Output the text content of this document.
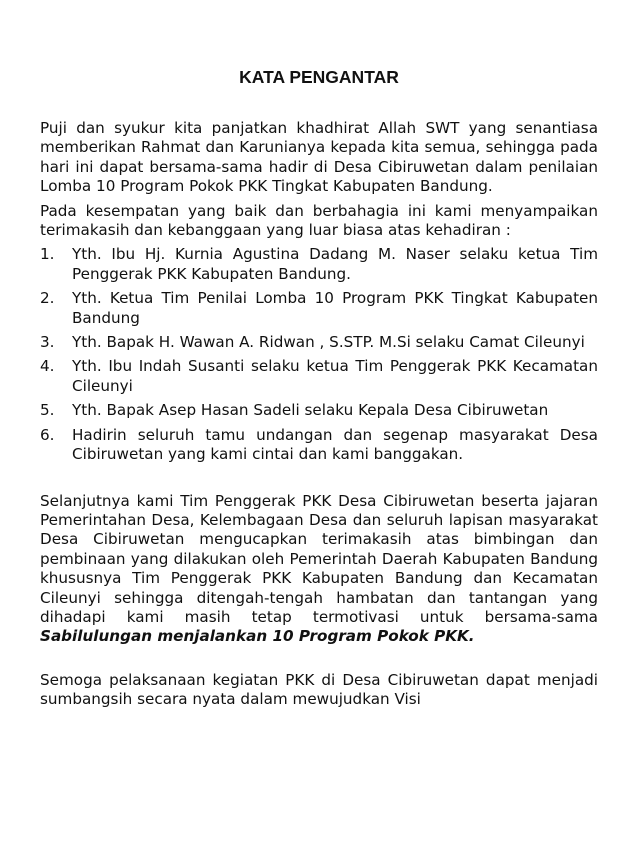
KATA PENGANTAR

Puji dan syukur kita panjatkan khadhirat Allah SWT yang senantiasa memberikan Rahmat dan Karunianya kepada kita semua, sehingga pada hari ini dapat bersama-sama hadir di Desa Cibiruwetan dalam penilaian Lomba 10 Program Pokok PKK Tingkat Kabupaten Bandung.

Pada kesempatan yang baik dan berbahagia ini kami menyampaikan terimakasih dan kebanggaan yang luar biasa atas kehadiran :

1.	Yth. Ibu Hj. Kurnia Agustina Dadang M. Naser selaku ketua Tim Penggerak PKK Kabupaten Bandung.
2.	Yth. Ketua Tim Penilai Lomba 10 Program PKK Tingkat Kabupaten Bandung
3.	Yth. Bapak H. Wawan A. Ridwan , S.STP. M.Si selaku Camat Cileunyi
4.	Yth. Ibu Indah Susanti selaku ketua Tim Penggerak PKK Kecamatan Cileunyi
5.	Yth. Bapak Asep Hasan Sadeli selaku Kepala Desa Cibiruwetan
6.	Hadirin seluruh tamu undangan dan segenap masyarakat Desa Cibiruwetan yang kami cintai dan kami banggakan.

Selanjutnya kami Tim Penggerak PKK Desa Cibiruwetan beserta jajaran Pemerintahan Desa, Kelembagaan Desa dan seluruh lapisan masyarakat Desa Cibiruwetan mengucapkan terimakasih atas bimbingan dan pembinaan yang dilakukan oleh Pemerintah Daerah Kabupaten Bandung khususnya Tim Penggerak PKK Kabupaten Bandung dan Kecamatan Cileunyi sehingga ditengah-tengah hambatan dan tantangan yang dihadapi kami masih tetap termotivasi untuk bersama-sama Sabilulungan menjalankan 10 Program Pokok PKK.

Semoga pelaksanaan kegiatan PKK di Desa Cibiruwetan dapat menjadi sumbangsih secara nyata dalam mewujudkan Visi
